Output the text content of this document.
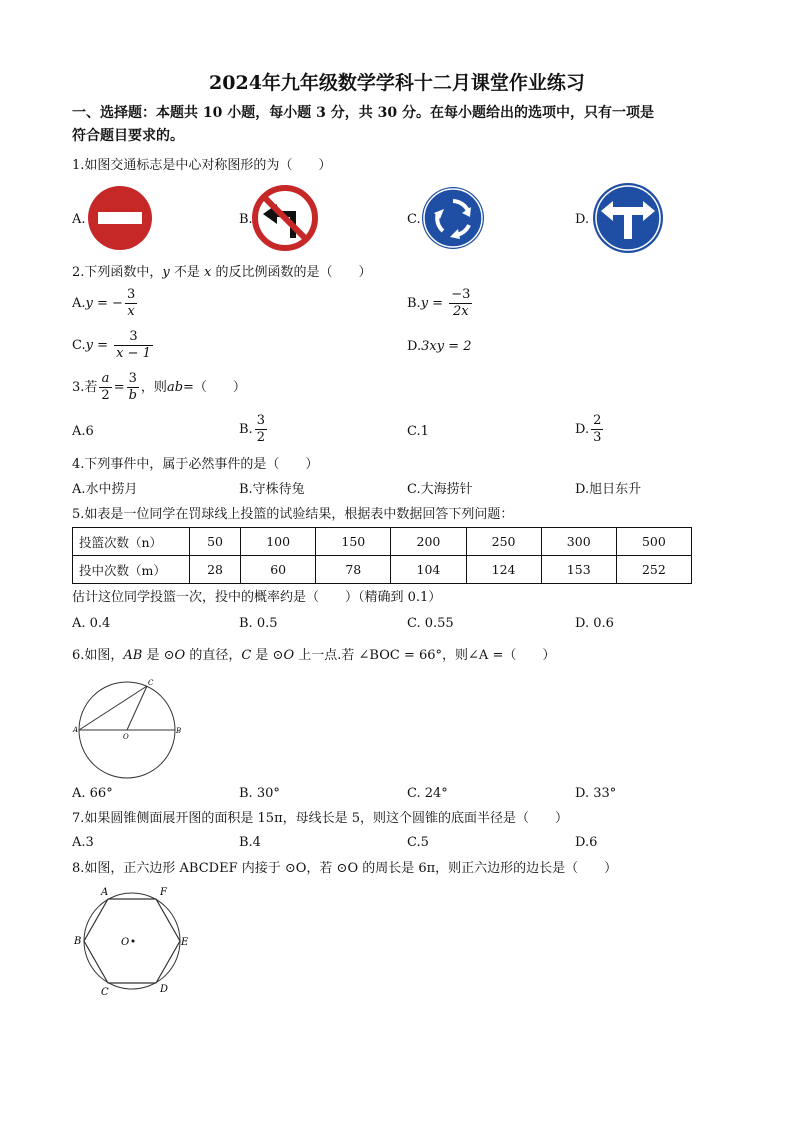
2024年九年级数学学科十二月课堂作业练习
一、选择题：本题共 10 小题，每小题 3 分，共 30 分。在每小题给出的选项中，只有一项是
符合题目要求的。
1.如图交通标志是中心对称图形的为（　　）
A.	B.	C.	D.
2.下列函数中，y 不是 x 的反比例函数的是（　　）
A.y = − $\frac{3}{x}$	$B.y = \frac{-3}{2x}$
$C.y = \frac{3}{x - 1}$	D.3xy = 2
3.若 $\frac{a}{2} = \frac{3}{b}$ ，则ab=（　　）
A.6	B. $\frac{3}{2}$	C.1	D. $\frac{2}{3}$
4.下列事件中，属于必然事件的是（　　）
A.水中捞月	B.守株待兔	C.大海捞针	D.旭日东升
5.如表是一位同学在罚球线上投篮的试验结果，根据表中数据回答下列问题：
投篮次数（n）	50	100	150	200	250	300	500
投中次数（m）	28	60	78	104	124	153	252
估计这位同学投篮一次，投中的概率约是（　　）（精确到 0.1）
A. 0.4	B. 0.5	C. 0.55	D. 0.6
6.如图，AB 是 ⊙O 的直径，C 是 ⊙O 上一点.若 ∠BOC = 66°，则∠A =（　　）
A	B
C
O
A. 66°	B. 30°	C. 24°	D. 33°
7.如果圆锥侧面展开图的面积是 15π，母线长是 5，则这个圆锥的底面半径是（　　）
A.3	B.4	C.5	D.6
8.如图，正六边形 ABCDEF 内接于 ⊙O，若 ⊙O 的周长是 6π，则正六边形的边长是（　　）
A	F
B	E
C	D
O
